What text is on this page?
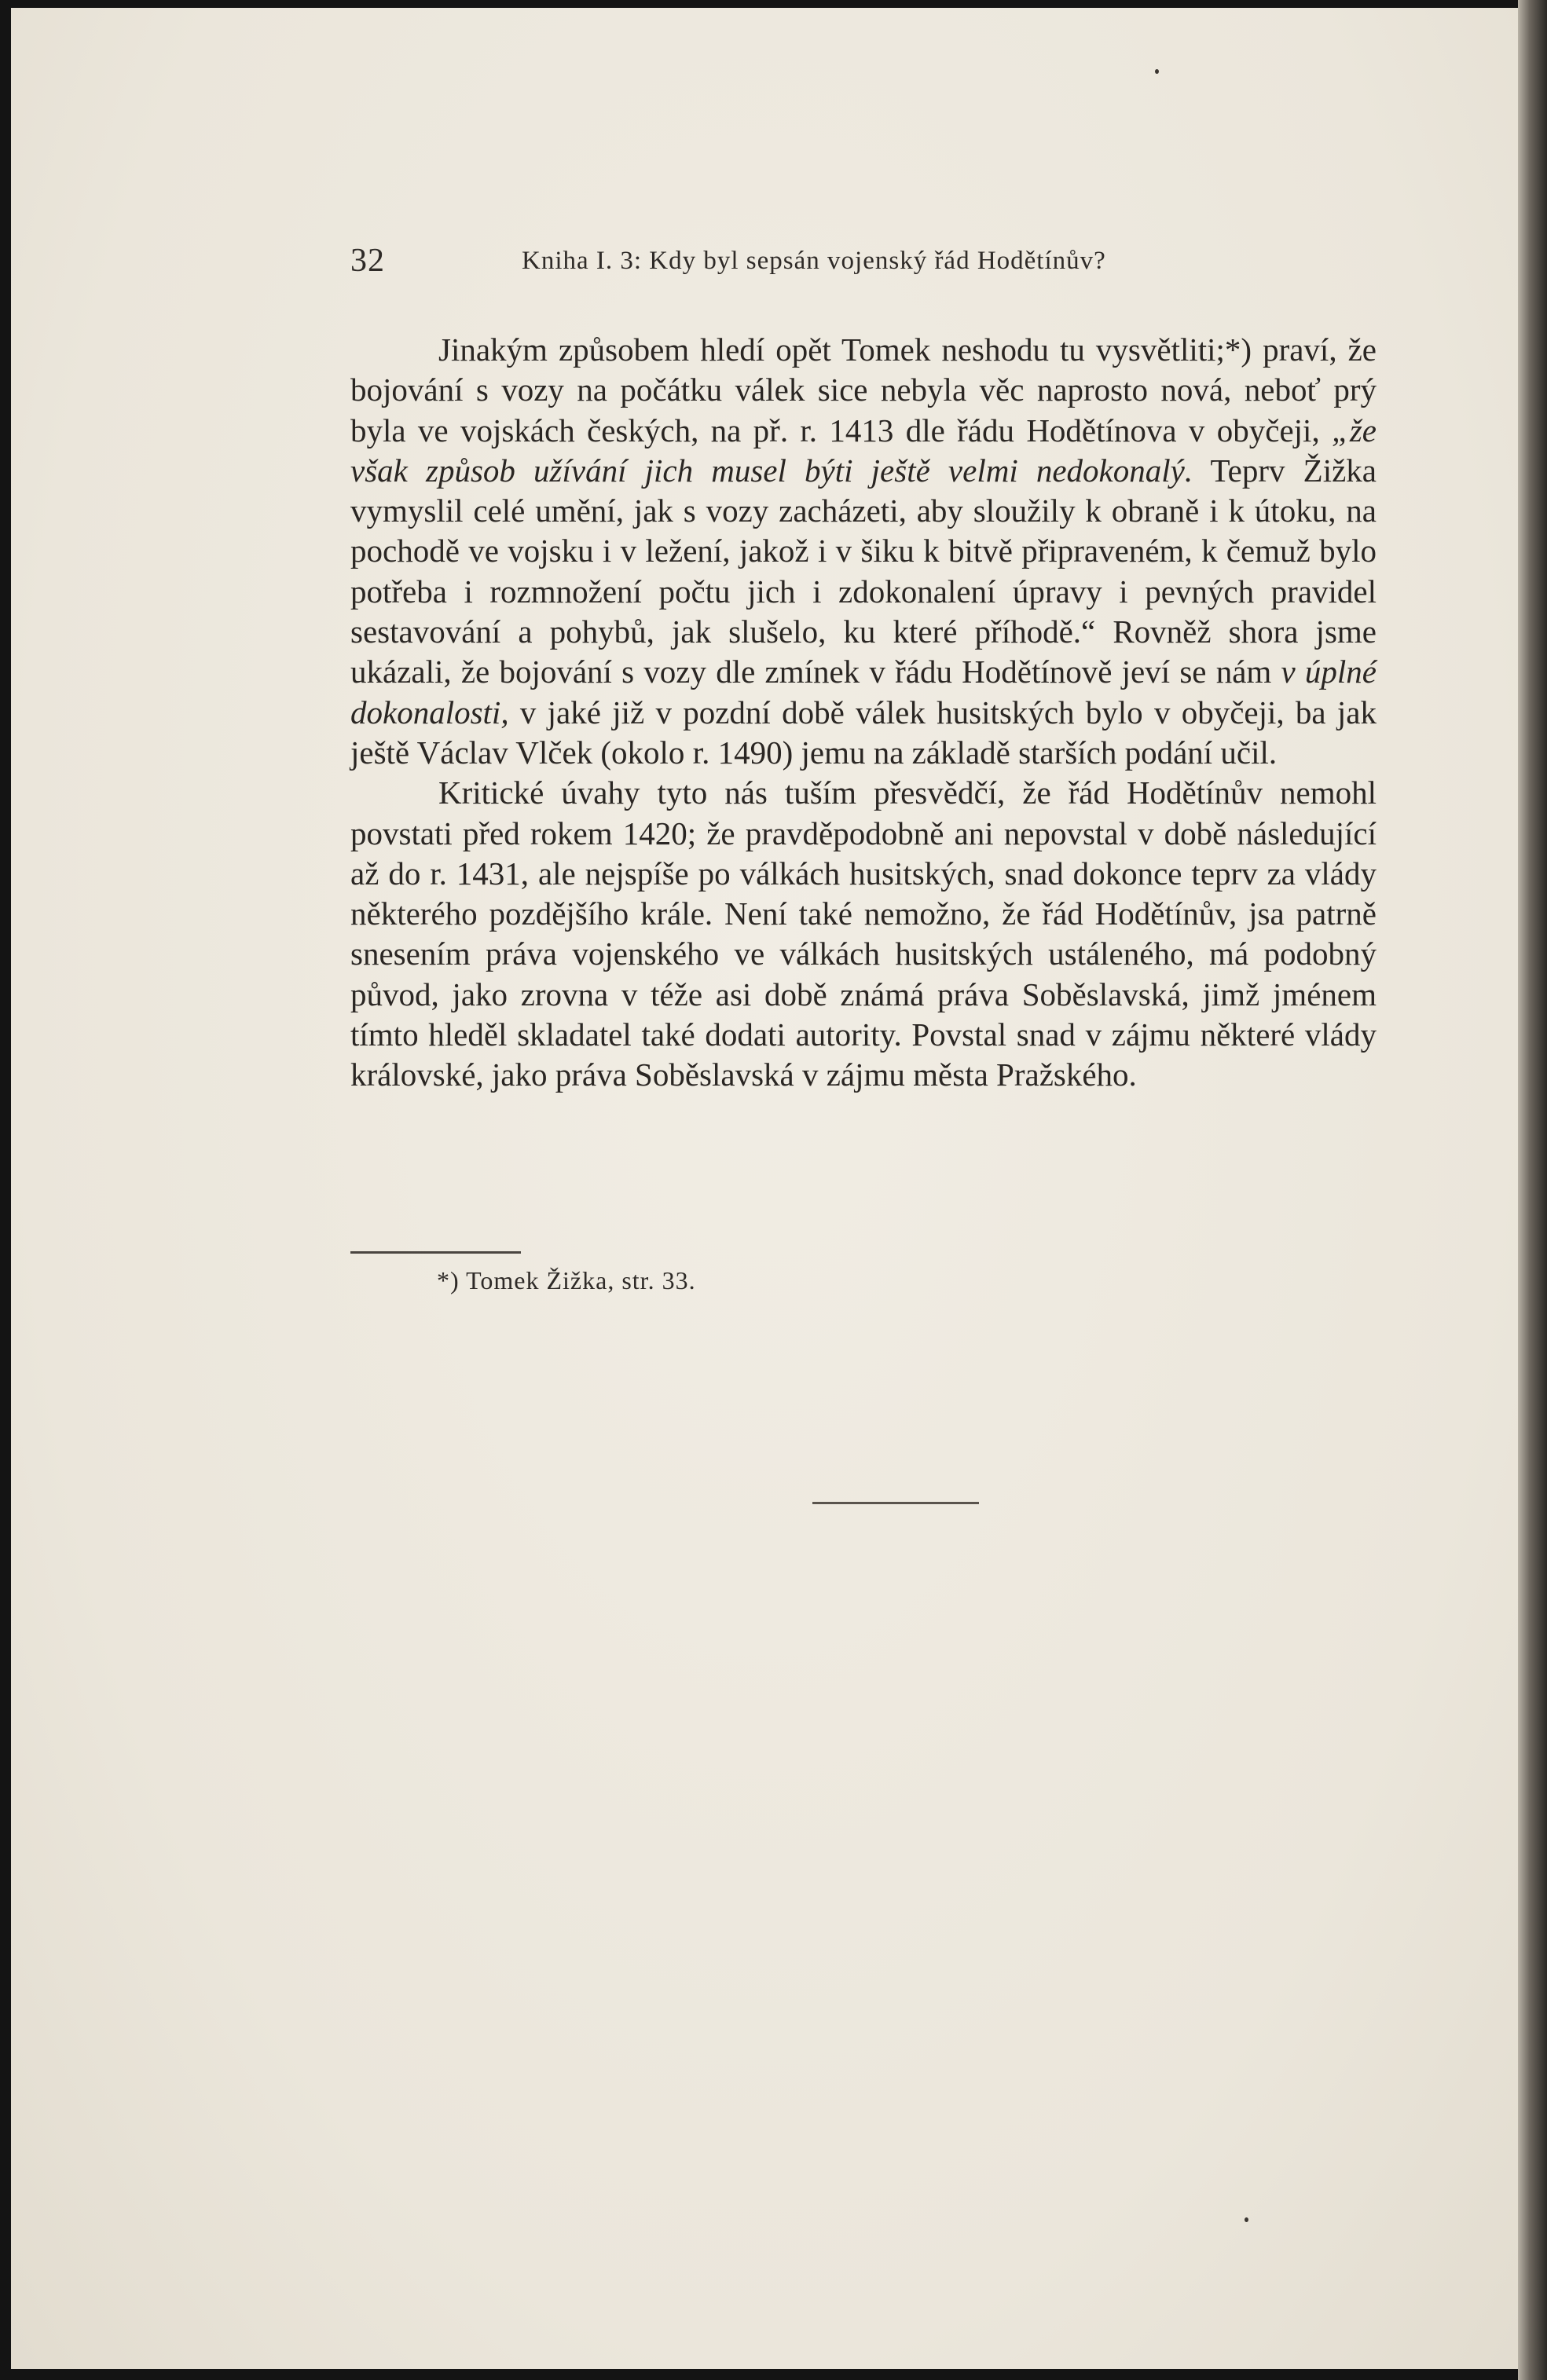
32	Kniha I. 3: Kdy byl sepsán vojenský řád Hodětínův?

Jinakým způsobem hledí opět Tomek neshodu tu vysvětliti;*) praví, že bojování s vozy na počátku válek sice nebyla věc naprosto nová, neboť prý byla ve vojskách českých, na př. r. 1413 dle řádu Hodětínova v obyčeji, „že však způsob užívání jich musel býti ještě velmi nedokonalý. Teprv Žižka vymyslil celé umění, jak s vozy zacházeti, aby sloužily k obraně i k útoku, na pochodě ve vojsku i v ležení, jakož i v šiku k bitvě připraveném, k čemuž bylo potřeba i rozmnožení počtu jich i zdokonalení úpravy i pevných pravidel sestavování a pohybů, jak slušelo, ku které příhodě.“ Rovněž shora jsme ukázali, že bojování s vozy dle zmínek v řádu Hodětínově jeví se nám v úplné dokonalosti, v jaké již v pozdní době válek husitských bylo v obyčeji, ba jak ještě Václav Vlček (okolo r. 1490) jemu na základě starších podání učil.

Kritické úvahy tyto nás tuším přesvědčí, že řád Hodětínův nemohl povstati před rokem 1420; že pravděpodobně ani nepovstal v době následující až do r. 1431, ale nejspíše po válkách husitských, snad dokonce teprv za vlády některého pozdějšího krále. Není také nemožno, že řád Hodětínův, jsa patrně snesením práva vojenského ve válkách husitských ustáleného, má podobný původ, jako zrovna v téže asi době známá práva Soběslavská, jimž jménem tímto hleděl skladatel také dodati autority. Povstal snad v zájmu některé vlády královské, jako práva Soběslavská v zájmu města Pražského.

*) Tomek Žižka, str. 33.
